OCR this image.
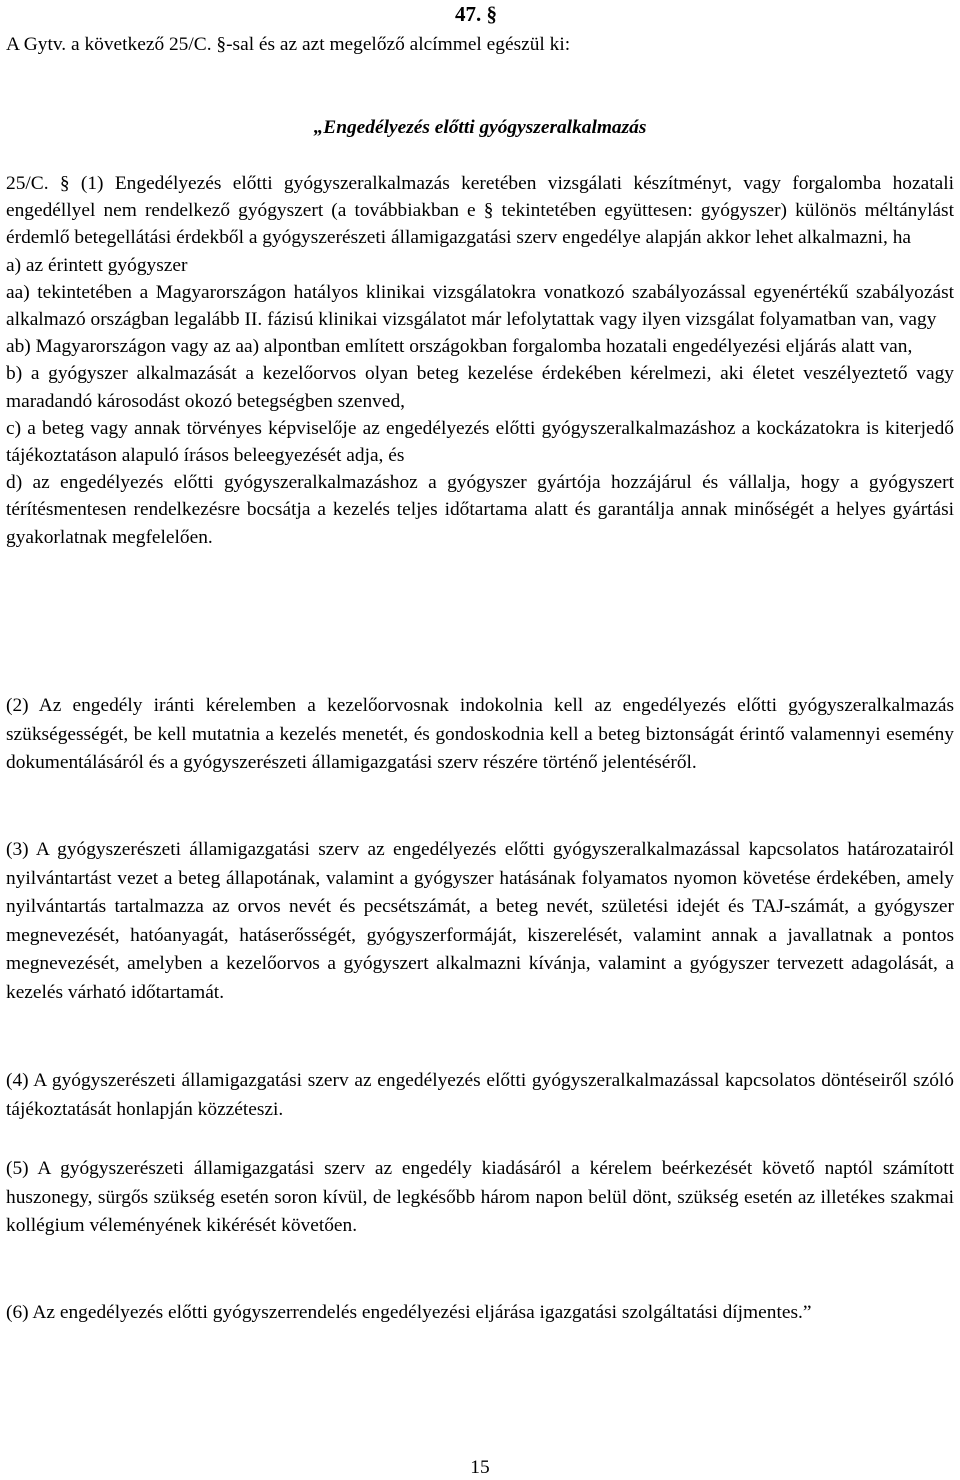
47. §

A Gytv. a következő 25/C. §-sal és az azt megelőző alcímmel egészül ki:

„Engedélyezés előtti gyógyszeralkalmazás

25/C. § (1) Engedélyezés előtti gyógyszeralkalmazás keretében vizsgálati készítményt, vagy forgalomba hozatali engedéllyel nem rendelkező gyógyszert (a továbbiakban e § tekintetében együttesen: gyógyszer) különös méltánylást érdemlő betegellátási érdekből a gyógyszerészeti államigazgatási szerv engedélye alapján akkor lehet alkalmazni, ha

a) az érintett gyógyszer

aa) tekintetében a Magyarországon hatályos klinikai vizsgálatokra vonatkozó szabályozással egyenértékű szabályozást alkalmazó országban legalább II. fázisú klinikai vizsgálatot már lefolytattak vagy ilyen vizsgálat folyamatban van, vagy

ab) Magyarországon vagy az aa) alpontban említett országokban forgalomba hozatali engedélyezési eljárás alatt van,

b) a gyógyszer alkalmazását a kezelőorvos olyan beteg kezelése érdekében kérelmezi, aki életet veszélyeztető vagy maradandó károsodást okozó betegségben szenved,

c) a beteg vagy annak törvényes képviselője az engedélyezés előtti gyógyszeralkalmazáshoz a kockázatokra is kiterjedő tájékoztatáson alapuló írásos beleegyezését adja, és

d) az engedélyezés előtti gyógyszeralkalmazáshoz a gyógyszer gyártója hozzájárul és vállalja, hogy a gyógyszert térítésmentesen rendelkezésre bocsátja a kezelés teljes időtartama alatt és garantálja annak minőségét a helyes gyártási gyakorlatnak megfelelően.

(2) Az engedély iránti kérelemben a kezelőorvosnak indokolnia kell az engedélyezés előtti gyógyszeralkalmazás szükségességét, be kell mutatnia a kezelés menetét, és gondoskodnia kell a beteg biztonságát érintő valamennyi esemény dokumentálásáról és a gyógyszerészeti államigazgatási szerv részére történő jelentéséről.

(3) A gyógyszerészeti államigazgatási szerv az engedélyezés előtti gyógyszeralkalmazással kapcsolatos határozatairól nyilvántartást vezet a beteg állapotának, valamint a gyógyszer hatásának folyamatos nyomon követése érdekében, amely nyilvántartás tartalmazza az orvos nevét és pecsétszámát, a beteg nevét, születési idejét és TAJ-számát, a gyógyszer megnevezését, hatóanyagát, hatáserősségét, gyógyszerformáját, kiszerelését, valamint annak a javallatnak a pontos megnevezését, amelyben a kezelőorvos a gyógyszert alkalmazni kívánja, valamint a gyógyszer tervezett adagolását, a kezelés várható időtartamát.

(4) A gyógyszerészeti államigazgatási szerv az engedélyezés előtti gyógyszeralkalmazással kapcsolatos döntéseiről szóló tájékoztatását honlapján közzéteszi.

(5) A gyógyszerészeti államigazgatási szerv az engedély kiadásáról a kérelem beérkezését követő naptól számított huszonegy, sürgős szükség esetén soron kívül, de legkésőbb három napon belül dönt, szükség esetén az illetékes szakmai kollégium véleményének kikérését követően.

(6) Az engedélyezés előtti gyógyszerrendelés engedélyezési eljárása igazgatási szolgáltatási díjmentes.”

15
